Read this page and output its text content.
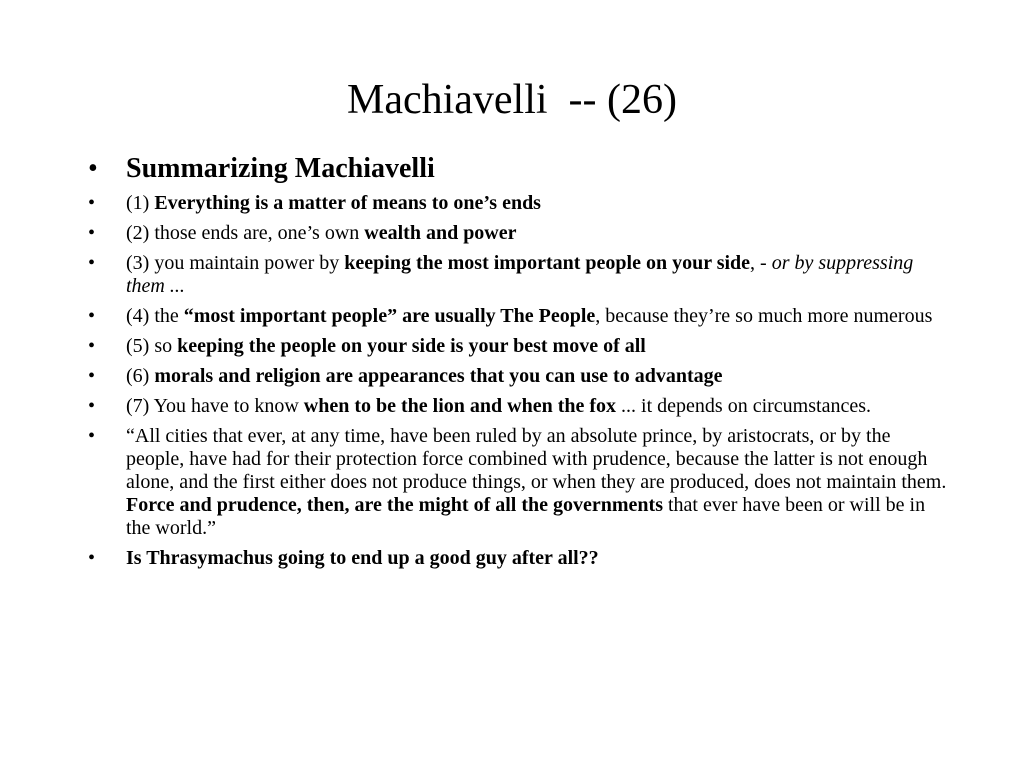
Machiavelli  -- (26)
• Summarizing Machiavelli
• (1) Everything is a matter of means to one’s ends
• (2) those ends are, one’s own wealth and power
• (3) you maintain power by keeping the most important people on your side, - or by suppressing them ...
• (4) the “most important people” are usually The People, because they’re so much more numerous
• (5) so keeping the people on your side is your best move of all
• (6) morals and religion are appearances that you can use to advantage
• (7) You have to know when to be the lion and when the fox ... it depends on circumstances.
• “All cities that ever, at any time, have been ruled by an absolute prince, by aristocrats, or by the people, have had for their protection force combined with prudence, because the latter is not enough alone, and the first either does not produce things, or when they are produced, does not maintain them. Force and prudence, then, are the might of all the governments that ever have been or will be in the world.”
• Is Thrasymachus going to end up a good guy after all??
